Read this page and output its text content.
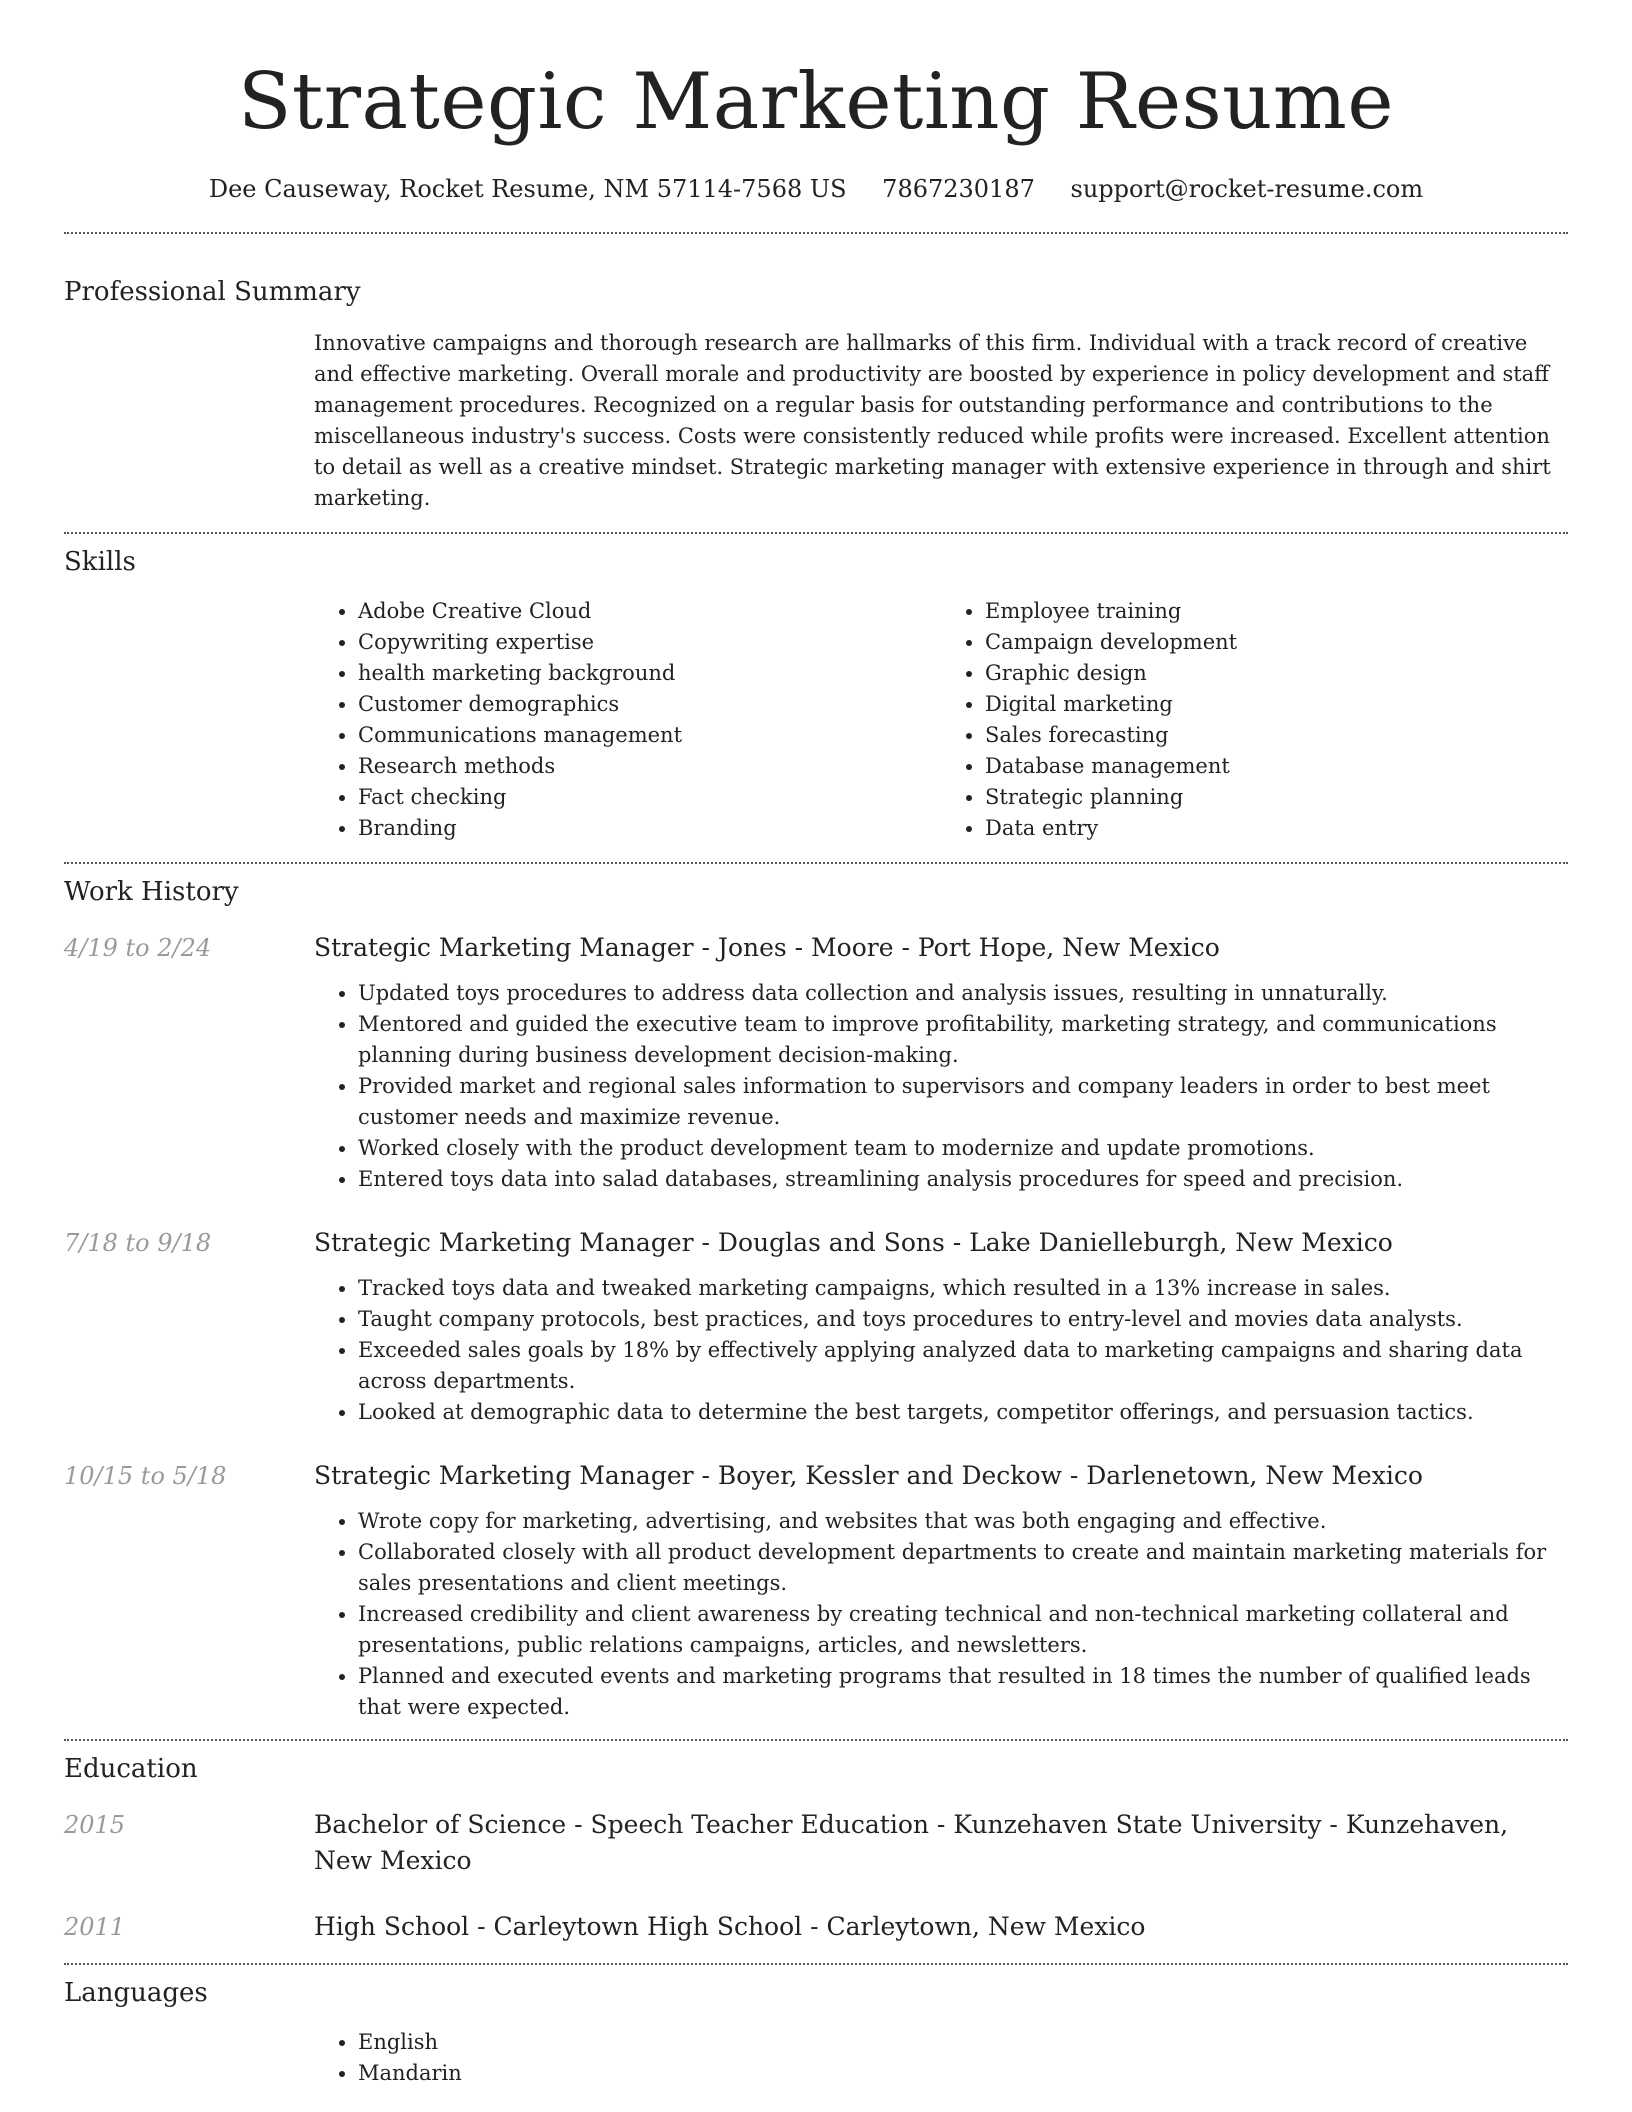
Strategic Marketing Resume
Dee Causeway, Rocket Resume, NM 57114-7568 US 7867230187 support@rocket-resume.com
Professional Summary

Innovative campaigns and thorough research are hallmarks of this firm. Individual with a track record of creative and effective marketing. Overall morale and productivity are boosted by experience in policy development and staff management procedures. Recognized on a regular basis for outstanding performance and contributions to the miscellaneous industry's success. Costs were consistently reduced while profits were increased. Excellent attention to detail as well as a creative mindset. Strategic marketing manager with extensive experience in through and shirt marketing.

Skills
• Adobe Creative Cloud
• Copywriting expertise
• health marketing background
• Customer demographics
• Communications management
• Research methods
• Fact checking
• Branding
• Employee training
• Campaign development
• Graphic design
• Digital marketing
• Sales forecasting
• Database management
• Strategic planning
• Data entry
Work History
4/19 to 2/24	Strategic Marketing Manager - Jones - Moore - Port Hope, New Mexico

• Updated toys procedures to address data collection and analysis issues, resulting in unnaturally.
• Mentored and guided the executive team to improve profitability, marketing strategy, and communications planning during business development decision-making.
• Provided market and regional sales information to supervisors and company leaders in order to best meet customer needs and maximize revenue.
• Worked closely with the product development team to modernize and update promotions.
• Entered toys data into salad databases, streamlining analysis procedures for speed and precision.
7/18 to 9/18	Strategic Marketing Manager - Douglas and Sons - Lake Danielleburgh, New Mexico

• Tracked toys data and tweaked marketing campaigns, which resulted in a 13% increase in sales.
• Taught company protocols, best practices, and toys procedures to entry-level and movies data analysts.
• Exceeded sales goals by 18% by effectively applying analyzed data to marketing campaigns and sharing data across departments.
• Looked at demographic data to determine the best targets, competitor offerings, and persuasion tactics.
10/15 to 5/18	Strategic Marketing Manager - Boyer, Kessler and Deckow - Darlenetown, New Mexico

• Wrote copy for marketing, advertising, and websites that was both engaging and effective.
• Collaborated closely with all product development departments to create and maintain marketing materials for sales presentations and client meetings.
• Increased credibility and client awareness by creating technical and non-technical marketing collateral and presentations, public relations campaigns, articles, and newsletters.
• Planned and executed events and marketing programs that resulted in 18 times the number of qualified leads that were expected.
Education
2015	Bachelor of Science - Speech Teacher Education - Kunzehaven State University - Kunzehaven, New Mexico

2011	High School - Carleytown High School - Carleytown, New Mexico

Languages
• English
• Mandarin
